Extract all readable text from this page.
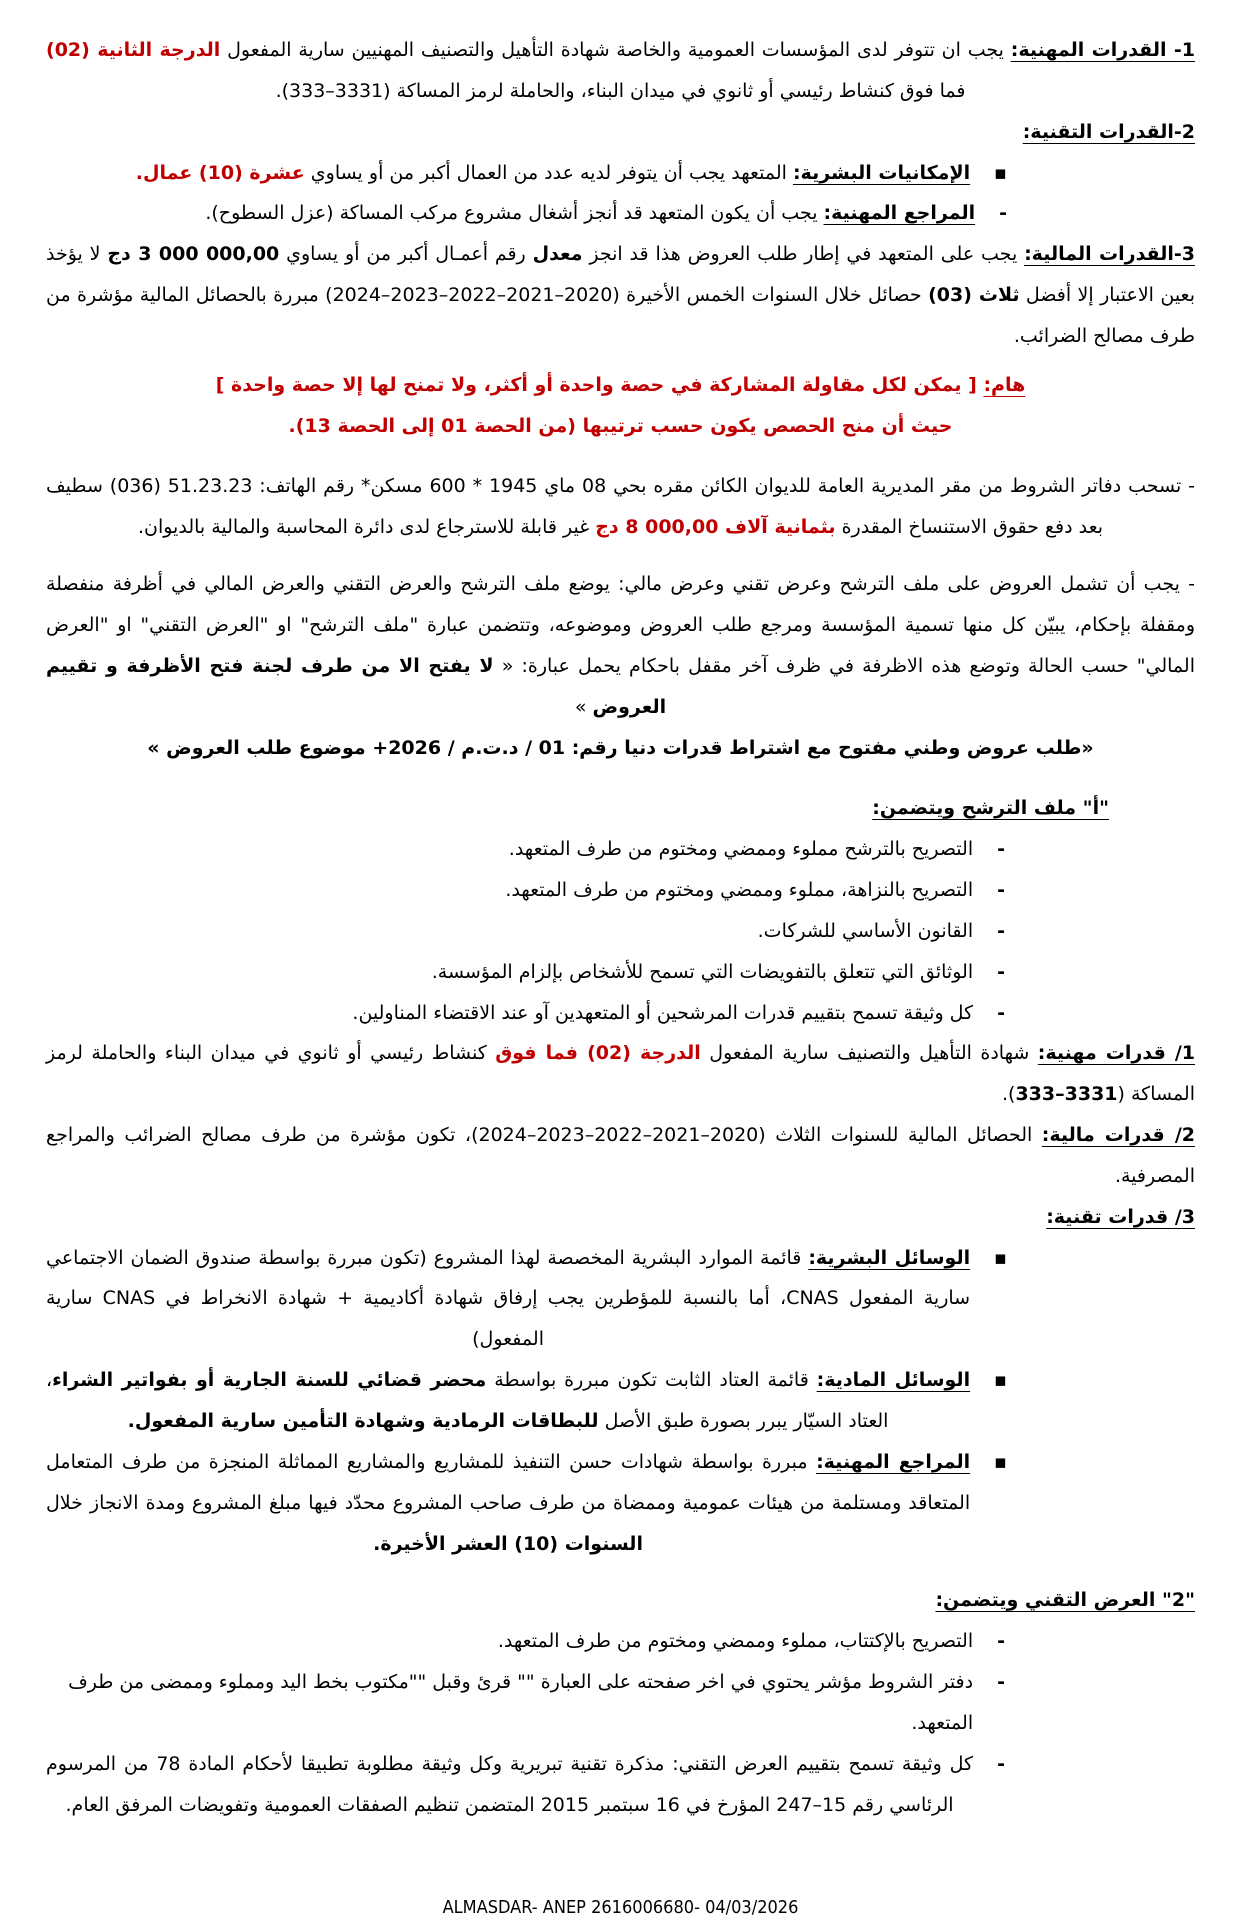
1- القدرات المهنية: يجب ان تتوفر لدى المؤسسات العمومية والخاصة شهادة التأهيل والتصنيف المهنيين سارية المفعول الدرجة الثانية (02) فما فوق كنشاط رئيسي أو ثانوي في ميدان البناء، والحاملة لرمز المساكة (3331–333).

2-القدرات التقنية:
▪
الإمكانيات البشرية: المتعهد يجب أن يتوفر لديه عدد من العمال أكبر من أو يساوي عشرة (10) عمال.
-
المراجع المهنية: يجب أن يكون المتعهد قد أنجز أشغال مشروع مركب المساكة (عزل السطوح).

3-القدرات المالية: يجب على المتعهد في إطار طلب العروض هذا قد انجز معدل رقم أعمـال أكبر من أو يساوي 3 000 000,00 دج لا يؤخذ بعين الاعتبار إلا أفضل ثلاث (03) حصائل خلال السنوات الخمس الأخيرة (2020–2021–2022–2023–2024) مبررة بالحصائل المالية مؤشرة من طرف مصالح الضرائب.

هام: [ يمكن لكل مقاولة المشاركة في حصة واحدة أو أكثر، ولا تمنح لها إلا حصة واحدة ]

حيث أن منح الحصص يكون حسب ترتيبها (من الحصة 01 إلى الحصة 13).

- تسحب دفاتر الشروط من مقر المديرية العامة للديوان الكائن مقره بحي 08 ماي 1945 * 600 مسكن* رقم الهاتف: 51.23.23 (036) سطيف بعد دفع حقوق الاستنساخ المقدرة بثمانية آلاف 8 000,00 دج غير قابلة للاسترجاع لدى دائرة المحاسبة والمالية بالديوان.

- يجب أن تشمل العروض على ملف الترشح وعرض تقني وعرض مالي: يوضع ملف الترشح والعرض التقني والعرض المالي في أظرفة منفصلة ومقفلة بإحكام، يبيّن كل منها تسمية المؤسسة ومرجع طلب العروض وموضوعه، وتتضمن عبارة "ملف الترشح" او "العرض التقني" او "العرض المالي" حسب الحالة وتوضع هذه الاظرفة في ظرف آخر مقفل باحكام يحمل عبارة: « لا يفتح الا من طرف لجنة فتح الأظرفة و تقييم العروض »

«طلب عروض وطني مفتوح مع اشتراط قدرات دنيا رقم: 01 / د.ت.م / 2026+ موضوع طلب العروض »

"أ" ملف الترشح ويتضمن:
-
التصريح بالترشح مملوء وممضي ومختوم من طرف المتعهد.
-
التصريح بالنزاهة، مملوء وممضي ومختوم من طرف المتعهد.
-
القانون الأساسي للشركات.
-
الوثائق التي تتعلق بالتفويضات التي تسمح للأشخاص بإلزام المؤسسة.
-
كل وثيقة تسمح بتقييم قدرات المرشحين أو المتعهدين آو عند الاقتضاء المناولين.

1/ قدرات مهنية: شهادة التأهيل والتصنيف سارية المفعول الدرجة (02) فما فوق كنشاط رئيسي أو ثانوي في ميدان البناء والحاملة لرمز المساكة (3331–333).

2/ قدرات مالية: الحصائل المالية للسنوات الثلاث (2020–2021–2022–2023–2024)، تكون مؤشرة من طرف مصالح الضرائب والمراجع المصرفية.

3/ قدرات تقنية:
▪
الوسائل البشرية: قائمة الموارد البشرية المخصصة لهذا المشروع (تكون مبررة بواسطة صندوق الضمان الاجتماعي سارية المفعول CNAS، أما بالنسبة للمؤطرين يجب إرفاق شهادة أكاديمية + شهادة الانخراط في CNAS سارية المفعول)
▪
الوسائل المادية: قائمة العتاد الثابت تكون مبررة بواسطة محضر قضائي للسنة الجارية أو بفواتير الشراء، العتاد السيّار يبرر بصورة طبق الأصل للبطاقات الرمادية وشهادة التأمين سارية المفعول.
▪
المراجع المهنية: مبررة بواسطة شهادات حسن التنفيذ للمشاريع والمشاريع المماثلة المنجزة من طرف المتعامل المتعاقد ومستلمة من هيئات عمومية وممضاة من طرف صاحب المشروع محدّد فيها مبلغ المشروع ومدة الانجاز خلال السنوات (10) العشر الأخيرة.
"2" العرض التقني ويتضمن:
-
التصريح بالإكتتاب، مملوء وممضي ومختوم من طرف المتعهد.
-
دفتر الشروط مؤشر يحتوي في اخر صفحته على العبارة "" قرئ وقبل ""مكتوب بخط اليد ومملوء وممضى من طرف المتعهد.
-
كل وثيقة تسمح بتقييم العرض التقني: مذكرة تقنية تبريرية وكل وثيقة مطلوبة تطبيقا لأحكام المادة 78 من المرسوم الرئاسي رقم 15–247 المؤرخ في 16 سبتمبر 2015 المتضمن تنظيم الصفقات العمومية وتفويضات المرفق العام.
ALMASDAR- ANEP 2616006680- 04/03/2026
